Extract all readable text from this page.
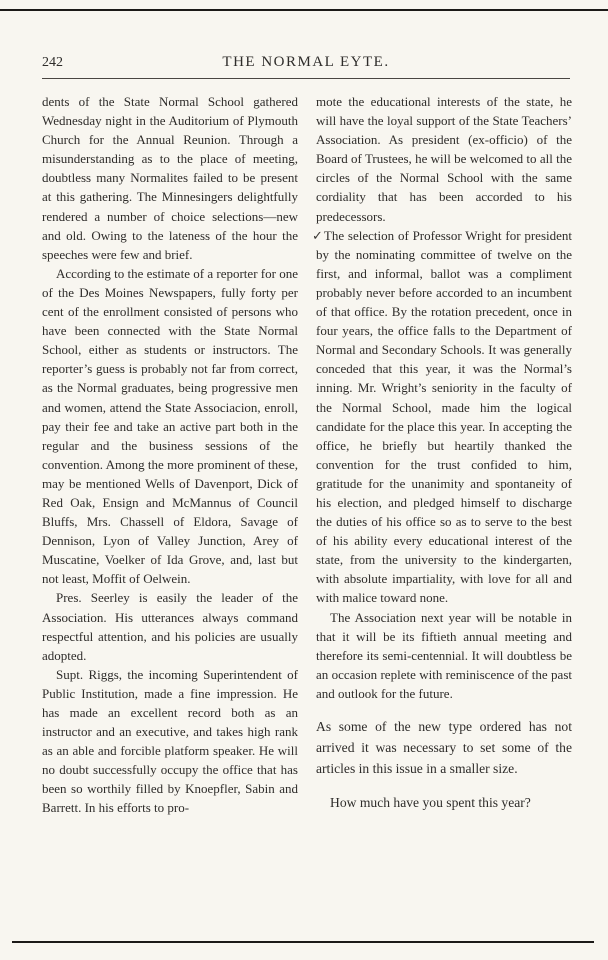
242	THE NORMAL EYTE.

dents of the State Normal School gathered Wednesday night in the Auditorium of Plymouth Church for the Annual Reunion. Through a misunderstanding as to the place of meeting, doubtless many Normalites failed to be present at this gathering. The Minnesingers delightfully rendered a number of choice selections—new and old. Owing to the lateness of the hour the speeches were few and brief.

According to the estimate of a reporter for one of the Des Moines Newspapers, fully forty per cent of the enrollment consisted of persons who have been connected with the State Normal School, either as students or instructors. The reporter’s guess is probably not far from correct, as the Normal graduates, being progressive men and women, attend the State Associacion, enroll, pay their fee and take an active part both in the regular and the business sessions of the convention. Among the more prominent of these, may be mentioned Wells of Davenport, Dick of Red Oak, Ensign and McMannus of Council Bluffs, Mrs. Chassell of Eldora, Savage of Dennison, Lyon of Valley Junction, Arey of Muscatine, Voelker of Ida Grove, and, last but not least, Moffit of Oelwein.

Pres. Seerley is easily the leader of the Association. His utterances always command respectful attention, and his policies are usually adopted.

Supt. Riggs, the incoming Superintendent of Public Institution, made a fine impression. He has made an excellent record both as an instructor and an executive, and takes high rank as an able and forcible platform speaker. He will no doubt successfully occupy the office that has been so worthily filled by Knoepfler, Sabin and Barrett. In his efforts to pro-

mote the educational interests of the state, he will have the loyal support of the State Teachers’ Association. As president (ex-officio) of the Board of Trustees, he will be welcomed to all the circles of the Normal School with the same cordiality that has been accorded to his predecessors.

✓The selection of Professor Wright for president by the nominating committee of twelve on the first, and informal, ballot was a compliment probably never before accorded to an incumbent of that office. By the rotation precedent, once in four years, the office falls to the Department of Normal and Secondary Schools. It was generally conceded that this year, it was the Normal’s inning. Mr. Wright’s seniority in the faculty of the Normal School, made him the logical candidate for the place this year. In accepting the office, he briefly but heartily thanked the convention for the trust confided to him, gratitude for the unanimity and spontaneity of his election, and pledged himself to discharge the duties of his office so as to serve to the best of his ability every educational interest of the state, from the university to the kindergarten, with absolute impartiality, with love for all and with malice toward none.

The Association next year will be notable in that it will be its fiftieth annual meeting and therefore its semi-centennial. It will doubtless be an occasion replete with reminiscence of the past and outlook for the future.

As some of the new type ordered has not arrived it was necessary to set some of the articles in this issue in a smaller size.

How much have you spent this year?
